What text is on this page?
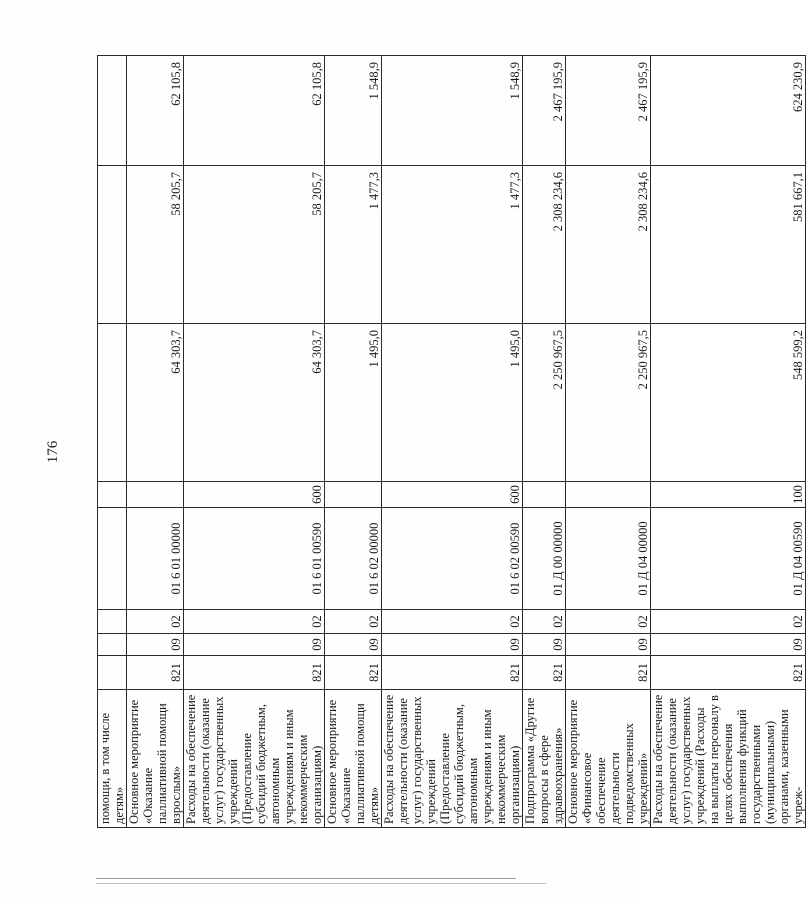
176
помощи, в том числе детям»								
Основное мероприятие «Оказание паллиативной помощи взрослым»	821	09	02	01 6 01 00000		64 303,7	58 205,7	62 105,8
Расходы на обеспечение деятельности (оказание услуг) государственных учреждений (Предоставление субсидий бюджетным, автономным учреждениям и иным некоммерческим организациям)	821	09	02	01 6 01 00590	600	64 303,7	58 205,7	62 105,8
Основное мероприятие «Оказание паллиативной помощи детям»	821	09	02	01 6 02 00000		1 495,0	1 477,3	1 548,9
Расходы на обеспечение деятельности (оказание услуг) государственных учреждений (Предоставление субсидий бюджетным, автономным учреждениям и иным некоммерческим организациям)	821	09	02	01 6 02 00590	600	1 495,0	1 477,3	1 548,9
Подпрограмма «Другие вопросы в сфере здравоохранения»	821	09	02	01 Д 00 00000		2 250 967,5	2 308 234,6	2 467 195,9
Основное мероприятие «Финансовое обеспечение деятельности подведомственных учреждений»	821	09	02	01 Д 04 00000		2 250 967,5	2 308 234,6	2 467 195,9
Расходы на обеспечение деятельности (оказание услуг) государственных учреждений (Расходы на выплаты персоналу в целях обеспечения выполнения функций государственными (муниципальными) органами, казенными учреж-	821	09	02	01 Д 04 00590	100	548 599,2	581 667,1	624 230,9
